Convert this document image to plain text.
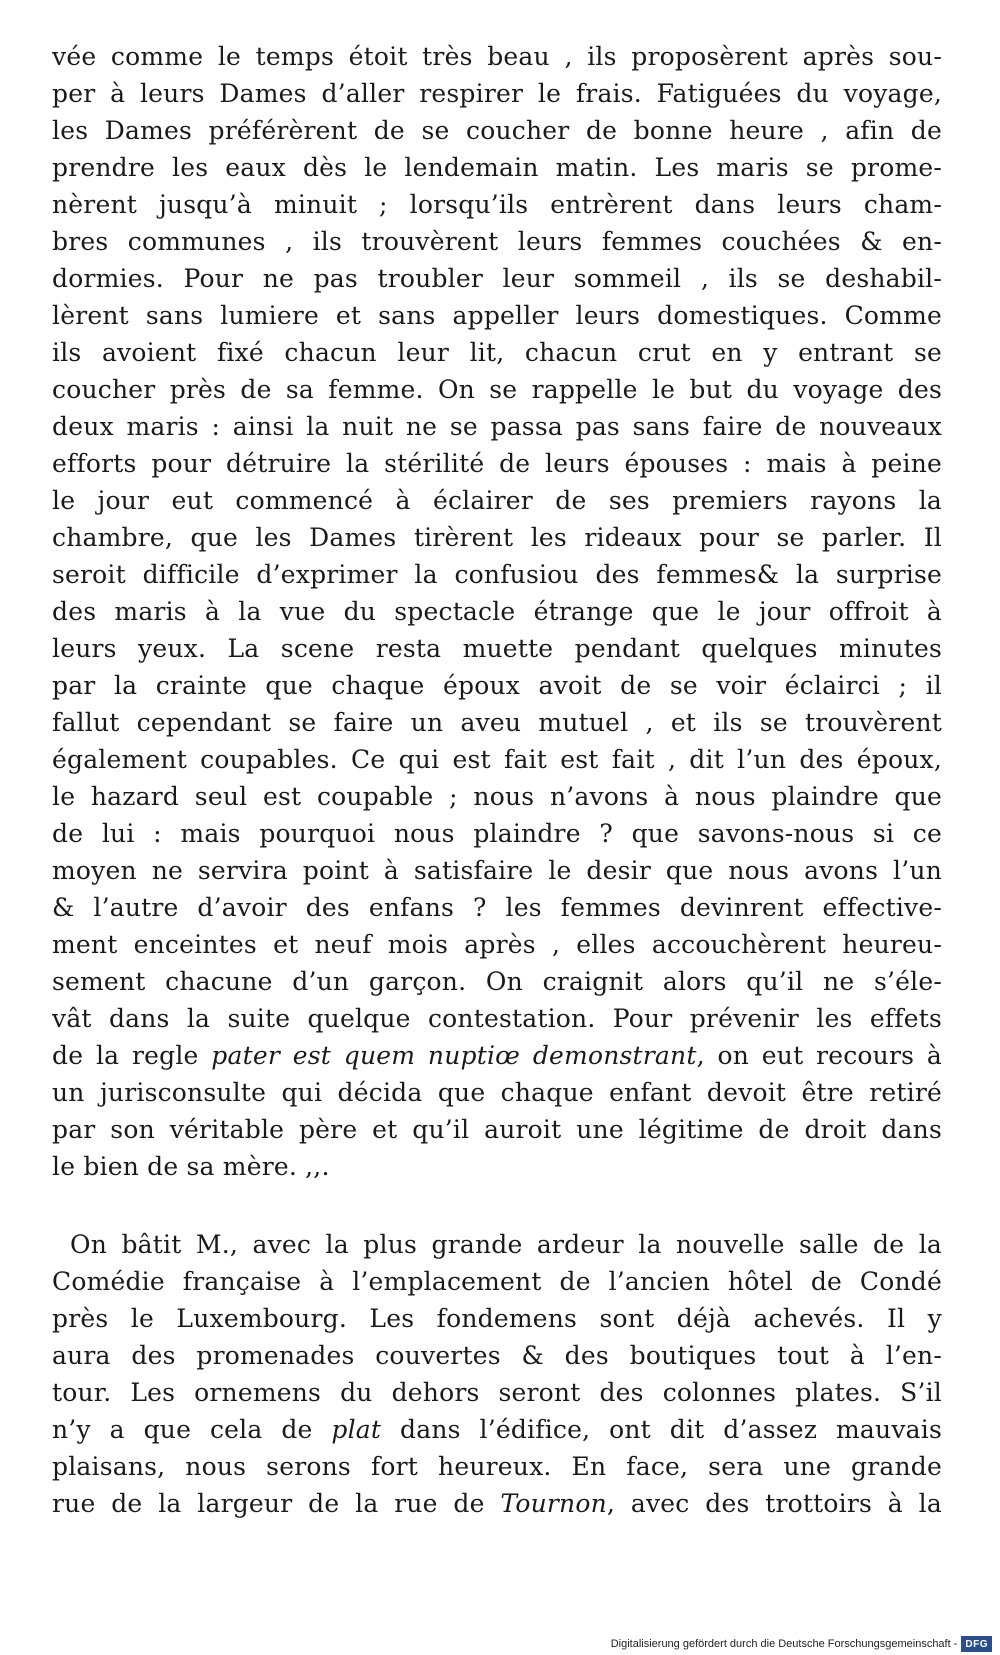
vée comme le temps étoit très beau , ils proposèrent après sou-
per à leurs Dames d’aller respirer le frais. Fatiguées du voyage,
les Dames préférèrent de se coucher de bonne heure , afin de
prendre les eaux dès le lendemain matin. Les maris se prome-
nèrent jusqu’à minuit ; lorsqu’ils entrèrent dans leurs cham-
bres communes , ils trouvèrent leurs femmes couchées & en-
dormies. Pour ne pas troubler leur sommeil , ils se deshabil-
lèrent sans lumiere et sans appeller leurs domestiques. Comme
ils avoient fixé chacun leur lit, chacun crut en y entrant se
coucher près de sa femme. On se rappelle le but du voyage des
deux maris : ainsi la nuit ne se passa pas sans faire de nouveaux
efforts pour détruire la stérilité de leurs épouses : mais à peine
le jour eut commencé à éclairer de ses premiers rayons la
chambre, que les Dames tirèrent les rideaux pour se parler. Il
seroit difficile d’exprimer la confusiou des femmes& la surprise
des maris à la vue du spectacle étrange que le jour offroit à
leurs yeux. La scene resta muette pendant quelques minutes
par la crainte que chaque époux avoit de se voir éclairci ; il
fallut cependant se faire un aveu mutuel , et ils se trouvèrent
également coupables. Ce qui est fait est fait , dit l’un des époux,
le hazard seul est coupable ; nous n’avons à nous plaindre que
de lui : mais pourquoi nous plaindre ? que savons-nous si ce
moyen ne servira point à satisfaire le desir que nous avons l’un
& l’autre d’avoir des enfans ? les femmes devinrent effective-
ment enceintes et neuf mois après , elles accouchèrent heureu-
sement chacune d’un garçon. On craignit alors qu’il ne s’éle-
vât dans la suite quelque contestation. Pour prévenir les effets
de la regle pater est quem nuptiœ demonstrant, on eut recours à
un jurisconsulte qui décida que chaque enfant devoit être retiré
par son véritable père et qu’il auroit une légitime de droit dans
le bien de sa mère. ,,.
On bâtit M., avec la plus grande ardeur la nouvelle salle de la
Comédie française à l’emplacement de l’ancien hôtel de Condé
près le Luxembourg. Les fondemens sont déjà achevés. Il y
aura des promenades couvertes & des boutiques tout à l’en-
tour. Les ornemens du dehors seront des colonnes plates. S’il
n’y a que cela de plat dans l’édifice, ont dit d’assez mauvais
plaisans, nous serons fort heureux. En face, sera une grande
rue de la largeur de la rue de Tournon, avec des trottoirs à la
Digitalisierung gefördert durch die Deutsche Forschungsgemeinschaft - DFG
